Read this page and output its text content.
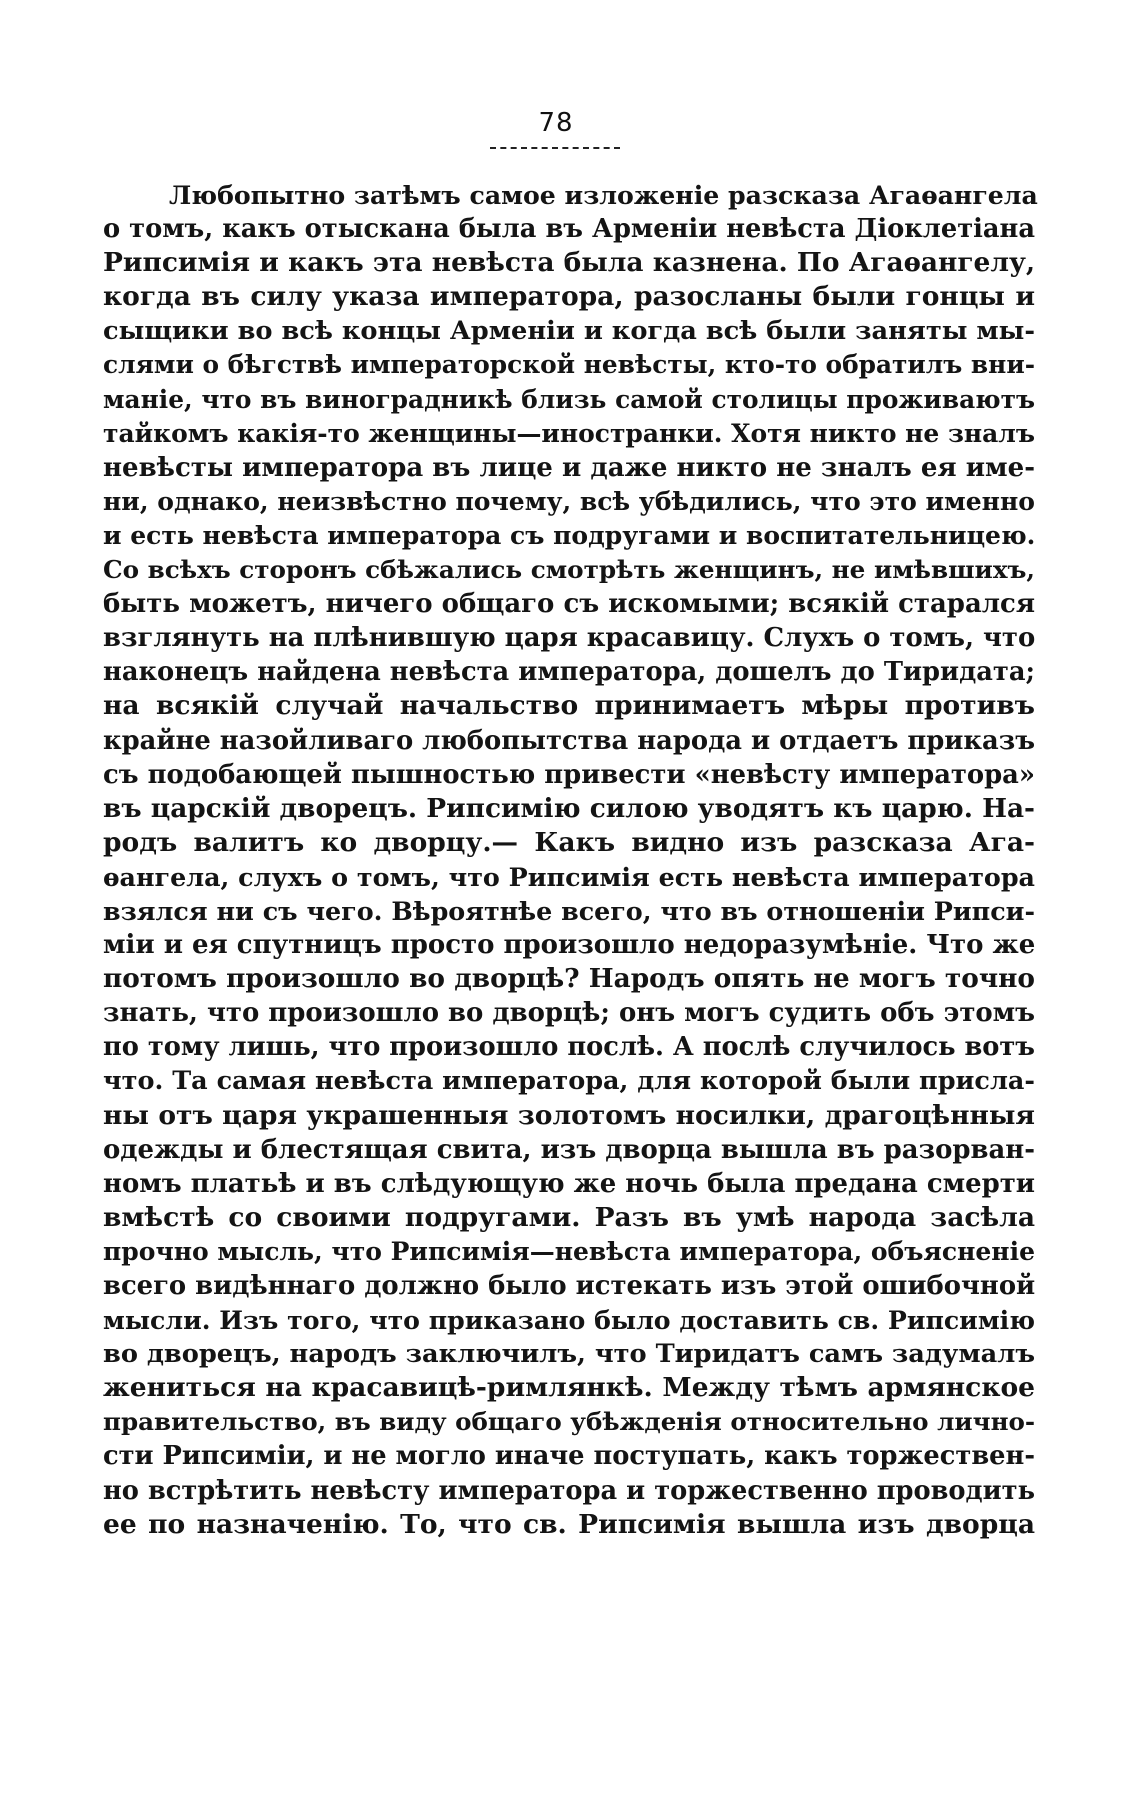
78
Любопытно затѣмъ самое изложеніе разсказа Агаѳангела
о томъ, какъ отыскана была въ Арменіи невѣста Діоклетіана
Рипсимія и какъ эта невѣста была казнена. По Агаѳангелу,
когда въ силу указа императора, разосланы были гонцы и
сыщики во всѣ концы Арменіи и когда всѣ были заняты мы-
слями о бѣгствѣ императорской невѣсты, кто-то обратилъ вни-
маніе, что въ виноградникѣ близь самой столицы проживаютъ
тайкомъ какія-то женщины—иностранки. Хотя никто не зналъ
невѣсты императора въ лице и даже никто не зналъ ея име-
ни, однако, неизвѣстно почему, всѣ убѣдились, что это именно
и есть невѣста императора съ подругами и воспитательницею.
Со всѣхъ сторонъ сбѣжались смотрѣть женщинъ, не имѣвшихъ,
быть можетъ, ничего общаго съ искомыми; всякій старался
взглянуть на плѣнившую царя красавицу. Слухъ о томъ, что
наконецъ найдена невѣста императора, дошелъ до Тиридата;
на всякій случай начальство принимаетъ мѣры противъ
крайне назойливаго любопытства народа и отдаетъ приказъ
съ подобающей пышностью привести «невѣсту императора»
въ царскій дворецъ. Рипсимію силою уводятъ къ царю. На-
родъ валитъ ко дворцу.— Какъ видно изъ разсказа Ага-
ѳангела, слухъ о томъ, что Рипсимія есть невѣста императора
взялся ни съ чего. Вѣроятнѣе всего, что въ отношеніи Рипси-
міи и ея спутницъ просто произошло недоразумѣніе. Что же
потомъ произошло во дворцѣ? Народъ опять не могъ точно
знать, что произошло во дворцѣ; онъ могъ судить объ этомъ
по тому лишь, что произошло послѣ. А послѣ случилось вотъ
что. Та самая невѣста императора, для которой были присла-
ны отъ царя украшенныя золотомъ носилки, драгоцѣнныя
одежды и блестящая свита, изъ дворца вышла въ разорван-
номъ платьѣ и въ слѣдующую же ночь была предана смерти
вмѣстѣ со своими подругами. Разъ въ умѣ народа засѣла
прочно мысль, что Рипсимія—невѣста императора, объясненіе
всего видѣннаго должно было истекать изъ этой ошибочной
мысли. Изъ того, что приказано было доставить св. Рипсимію
во дворецъ, народъ заключилъ, что Тиридатъ самъ задумалъ
жениться на красавицѣ-римлянкѣ. Между тѣмъ армянское
правительство, въ виду общаго убѣжденія относительно лично-
сти Рипсиміи, и не могло иначе поступать, какъ торжествен-
но встрѣтить невѣсту императора и торжественно проводить
ее по назначенію. То, что св. Рипсимія вышла изъ дворца
